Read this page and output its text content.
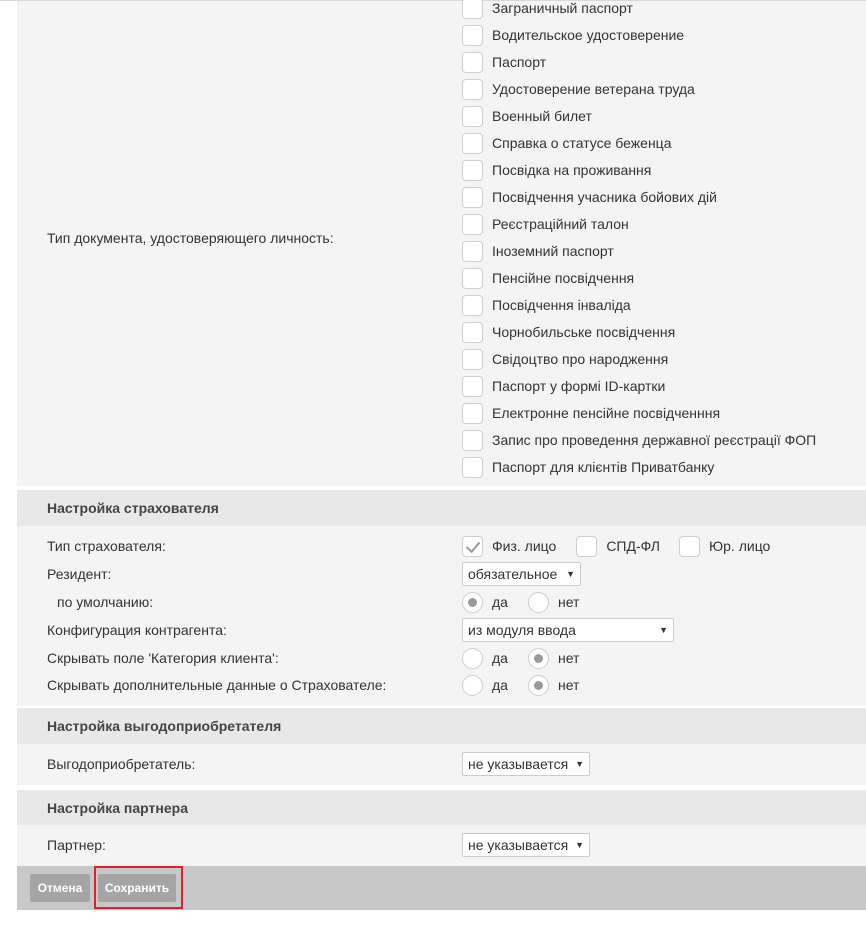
Тип документа, удостоверяющего личность:
Заграничный паспорт
Водительское удостоверение
Паспорт
Удостоверение ветерана труда
Военный билет
Справка о статусе беженца
Посвідка на проживання
Посвідчення учасника бойових дій
Реєстраційний талон
Іноземний паспорт
Пенсійне посвідчення
Посвідчення інваліда
Чорнобильське посвідчення
Свідоцтво про народження
Паспорт у формі ID-картки
Електронне пенсійне посвідченння
Запис про проведення державної реєстрації ФОП
Паспорт для клієнтів Приватбанку
Настройка страхователя
Тип страхователя:	Физ. лицо	СПД-ФЛ	Юр. лицо
Резидент:	обязательное ▼
по умолчанию:	да	нет
Конфигурация контрагента:	из модуля ввода	▼
Скрывать поле 'Категория клиента':	да	нет
Скрывать дополнительные данные о Страхователе:	да	нет
Настройка выгодоприобретателя
Выгодоприобретатель:	не указывается ▼
Настройка партнера
Партнер:	не указывается ▼
Отмена	Сохранить
